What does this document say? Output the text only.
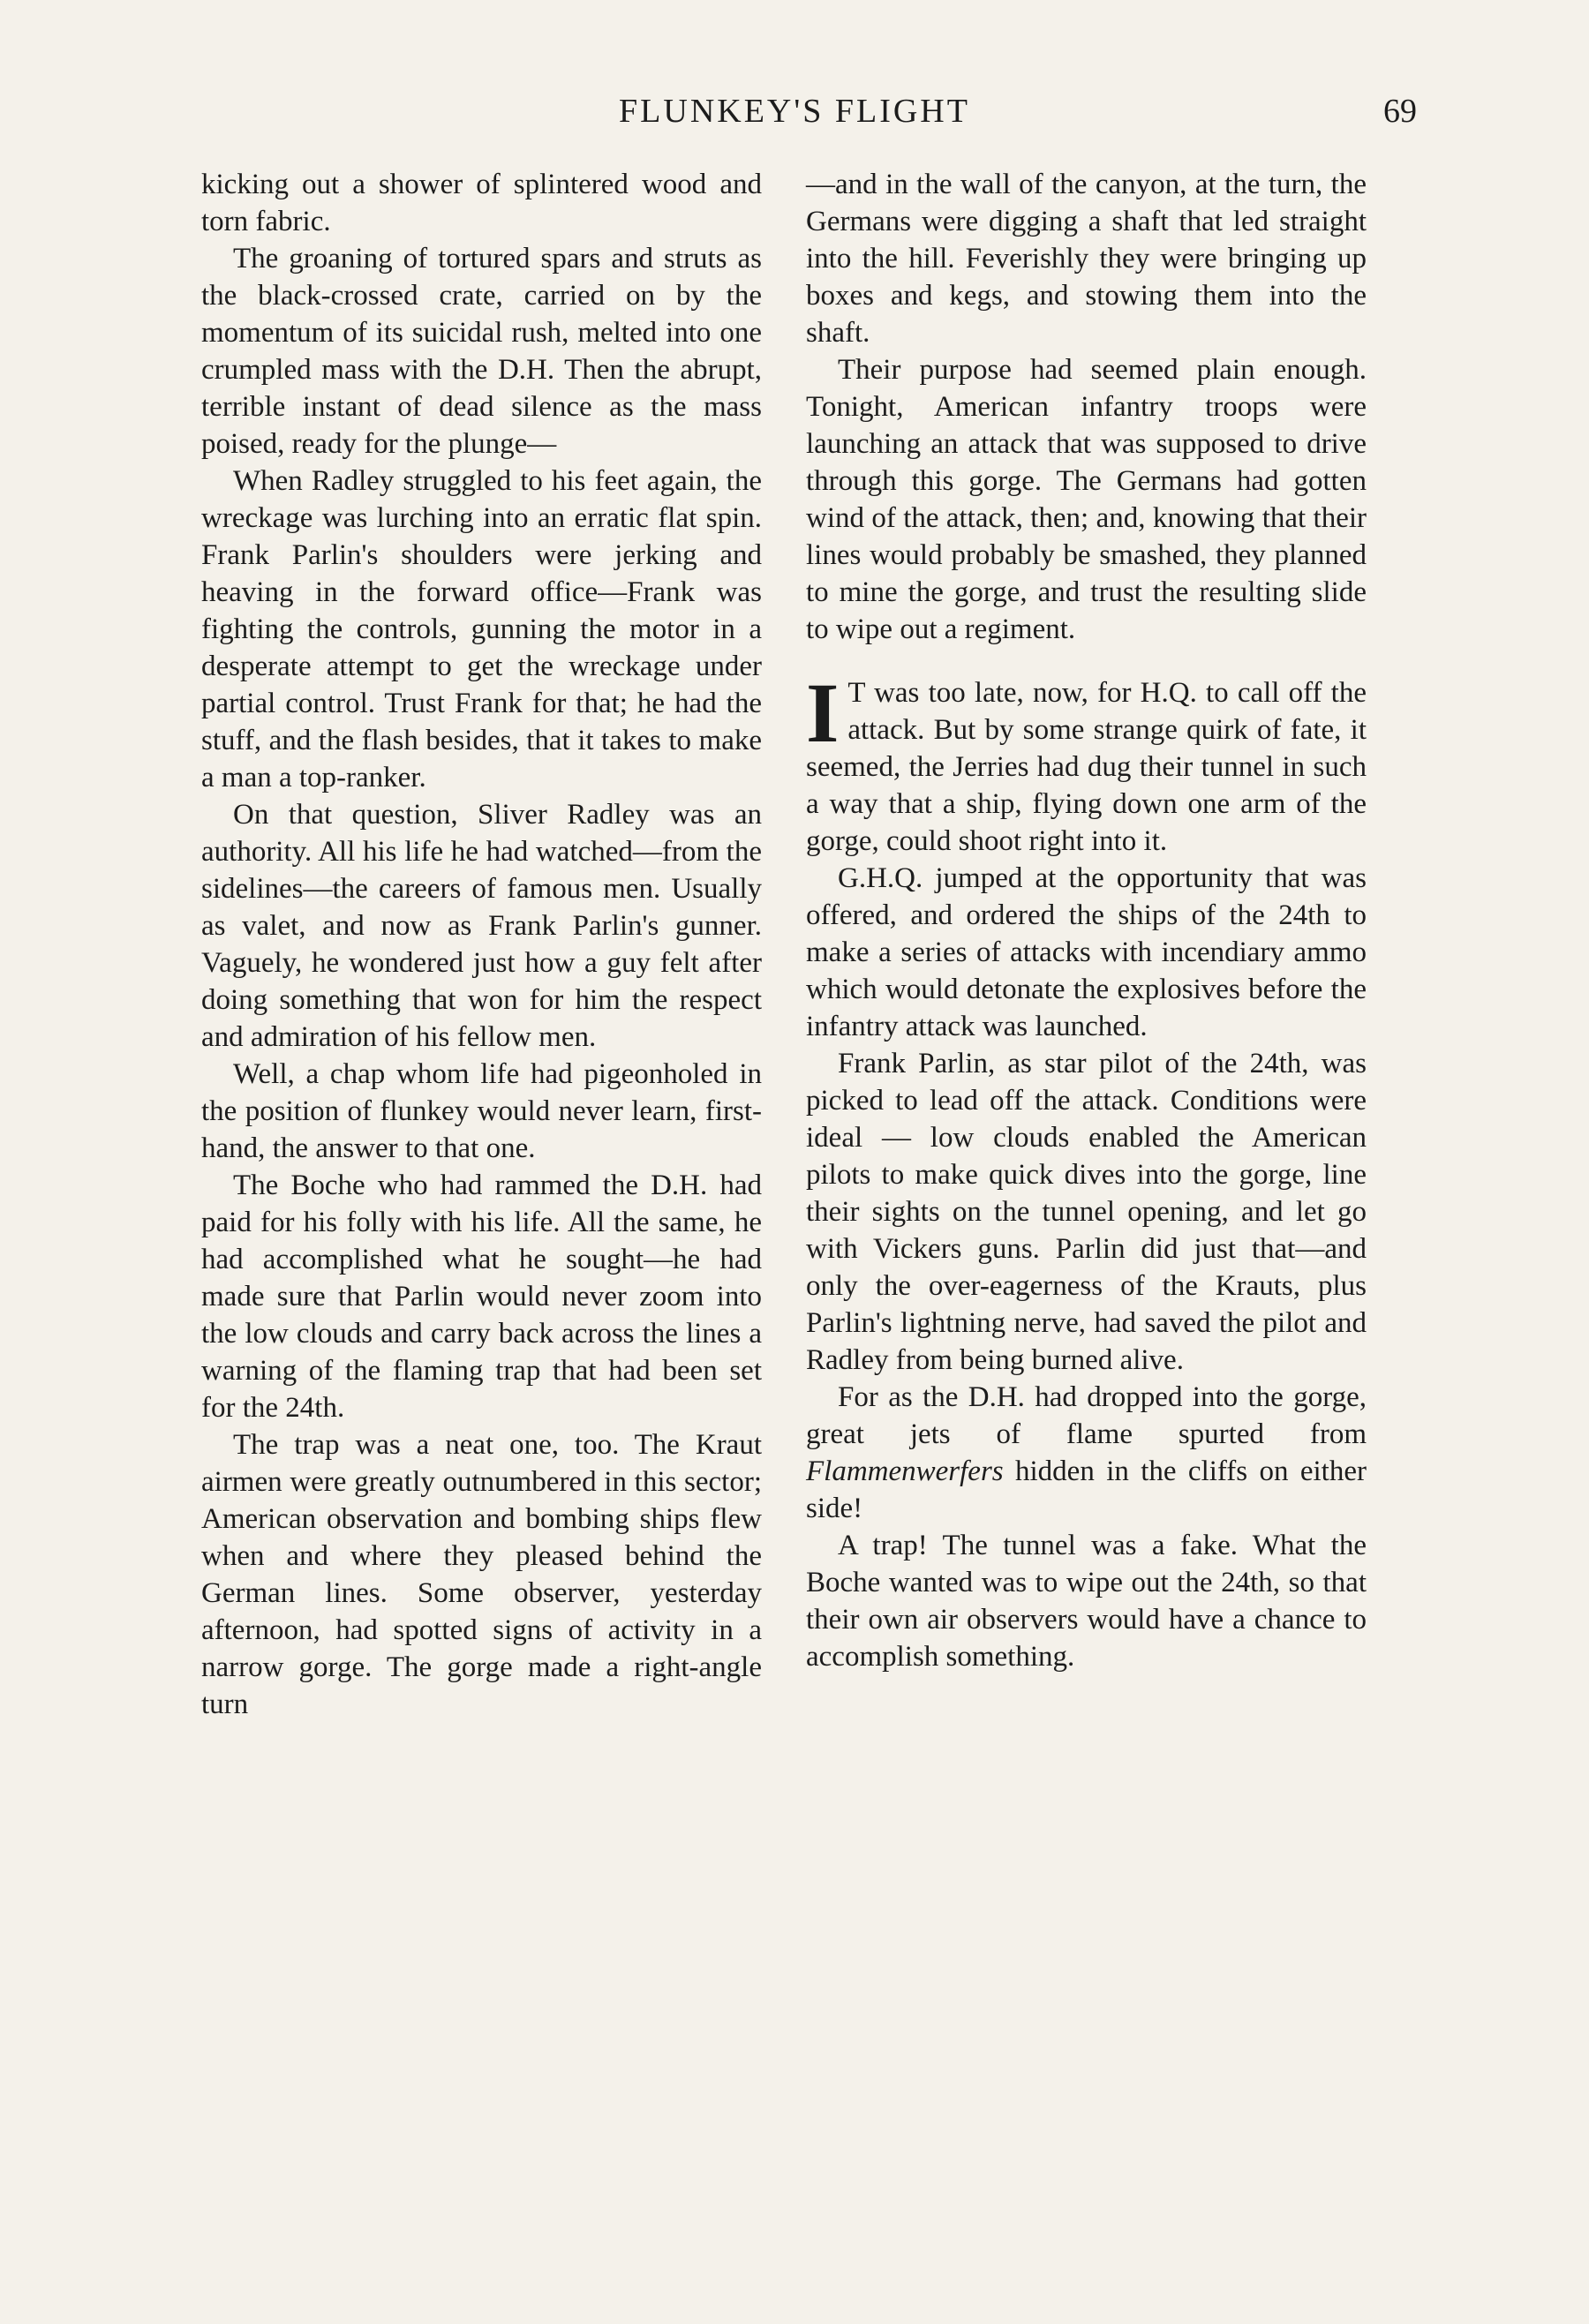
FLUNKEY'S FLIGHT	69

kicking out a shower of splintered wood and torn fabric.

The groaning of tortured spars and struts as the black-crossed crate, carried on by the momentum of its suicidal rush, melted into one crumpled mass with the D.H. Then the abrupt, terrible instant of dead silence as the mass poised, ready for the plunge—

When Radley struggled to his feet again, the wreckage was lurching into an erratic flat spin. Frank Parlin's shoulders were jerking and heaving in the forward office—Frank was fighting the controls, gunning the motor in a desperate attempt to get the wreckage under partial control. Trust Frank for that; he had the stuff, and the flash besides, that it takes to make a man a top-ranker.

On that question, Sliver Radley was an authority. All his life he had watched—from the sidelines—the careers of famous men. Usually as valet, and now as Frank Parlin's gunner. Vaguely, he wondered just how a guy felt after doing something that won for him the respect and admiration of his fellow men.

Well, a chap whom life had pigeonholed in the position of flunkey would never learn, first-hand, the answer to that one.

The Boche who had rammed the D.H. had paid for his folly with his life. All the same, he had accomplished what he sought—he had made sure that Parlin would never zoom into the low clouds and carry back across the lines a warning of the flaming trap that had been set for the 24th.

The trap was a neat one, too. The Kraut airmen were greatly outnumbered in this sector; American observation and bombing ships flew when and where they pleased behind the German lines. Some observer, yesterday afternoon, had spotted signs of activity in a narrow gorge. The gorge made a right-angle turn

—and in the wall of the canyon, at the turn, the Germans were digging a shaft that led straight into the hill. Feverishly they were bringing up boxes and kegs, and stowing them into the shaft.

Their purpose had seemed plain enough. Tonight, American infantry troops were launching an attack that was supposed to drive through this gorge. The Germans had gotten wind of the attack, then; and, knowing that their lines would probably be smashed, they planned to mine the gorge, and trust the resulting slide to wipe out a regiment.

I T was too late, now, for H.Q. to call off the attack. But by some strange quirk of fate, it seemed, the Jerries had dug their tunnel in such a way that a ship, flying down one arm of the gorge, could shoot right into it.

G.H.Q. jumped at the opportunity that was offered, and ordered the ships of the 24th to make a series of attacks with incendiary ammo which would detonate the explosives before the infantry attack was launched.

Frank Parlin, as star pilot of the 24th, was picked to lead off the attack. Conditions were ideal — low clouds enabled the American pilots to make quick dives into the gorge, line their sights on the tunnel opening, and let go with Vickers guns. Parlin did just that—and only the over-eagerness of the Krauts, plus Parlin's lightning nerve, had saved the pilot and Radley from being burned alive.

For as the D.H. had dropped into the gorge, great jets of flame spurted from Flammenwerfers hidden in the cliffs on either side!

A trap! The tunnel was a fake. What the Boche wanted was to wipe out the 24th, so that their own air observers would have a chance to accomplish something.
